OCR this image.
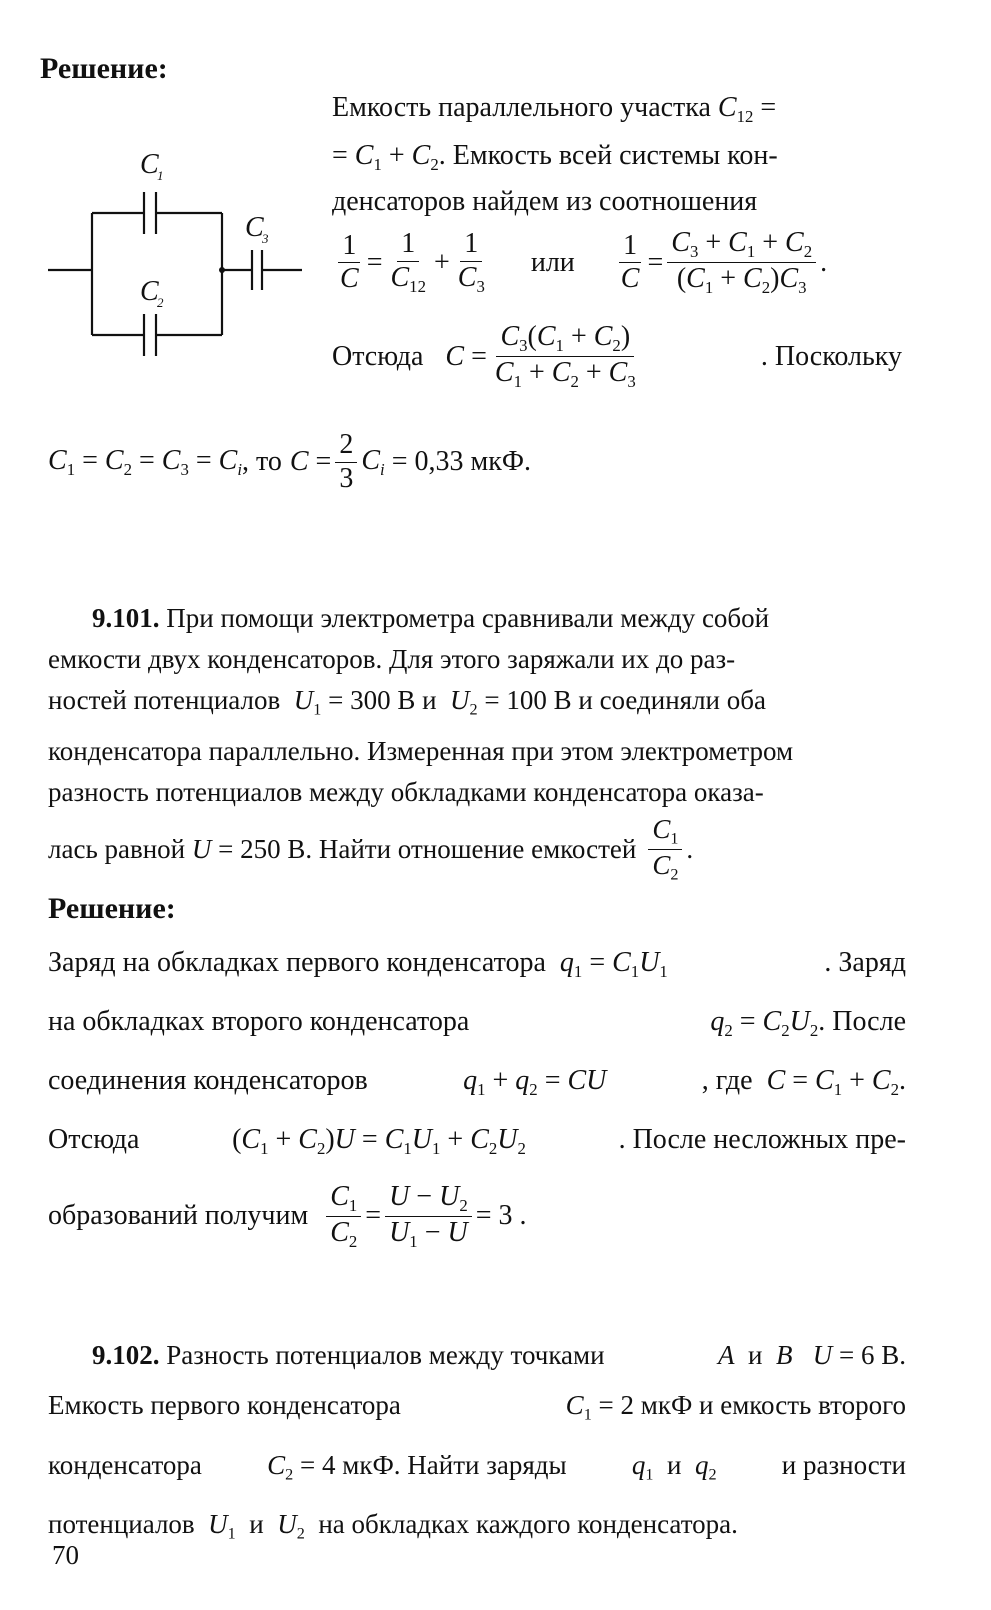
Решение:
C
1
C
2
C
3
Емкость параллельного участка $C_{12}$ =
= $C_1 + C_2$. Емкость всей системы кон-
денсаторов найдем из соотношения
$\frac{1}{C} = \frac{1}{C_{12}} + \frac{1}{C_3}$ или $\frac{1}{C} = \frac{C_3 + C_1 + C_2}{(C_1 + C_2)C_3}$ .
Отсюда $C = \frac{C_3(C_1 + C_2)}{C_1 + C_2 + C_3}$	. Поскольку
$C_1 = C_2 = C_3 = C_i$ , то $C = \frac{2}{3} C_i$
= 0,33 мкФ.
9.101. При помощи электрометра сравнивали между собой
емкости двух конденсаторов. Для этого заряжали их до раз-
ностей потенциалов $U_1 = 300$ В и $U_2 = 100$ В и соединяли оба
конденсатора параллельно. Измеренная при этом электрометром
разность потенциалов между обкладками конденсатора оказа-
лась равной
U
= 250 В. Найти отношение емкостей $\frac{C_1}{C_2}$ .
Решение:
Заряд на обкладках первого конденсатора $q_1 = C_1U_1$	. Заряд
на обкладках второго конденсатора	$q_2 = C_2U_2$. После
соединения конденсаторов	$q_1 + q_2$ = CU	, где $C = C_1 + C_2$.
Отсюда	$(C_1 + C_2)U = C_1U_1 + C_2U_2$	. После несложных пре-
образований получим $\frac{C_1}{C_2} = \frac{U - U_2}{U_1 - U} = 3$ .
9.102. Разность потенциалов между точками	A и B U = 6 В.
Емкость первого конденсатора	$C_1 = 2$ мкФ и емкость второго
конденсатора $C_2 = 4$ мкФ. Найти заряды $q_1$ и $q_2$ и разности
потенциалов $U_1$ и $U_2$ на обкладках каждого конденсатора.
70
